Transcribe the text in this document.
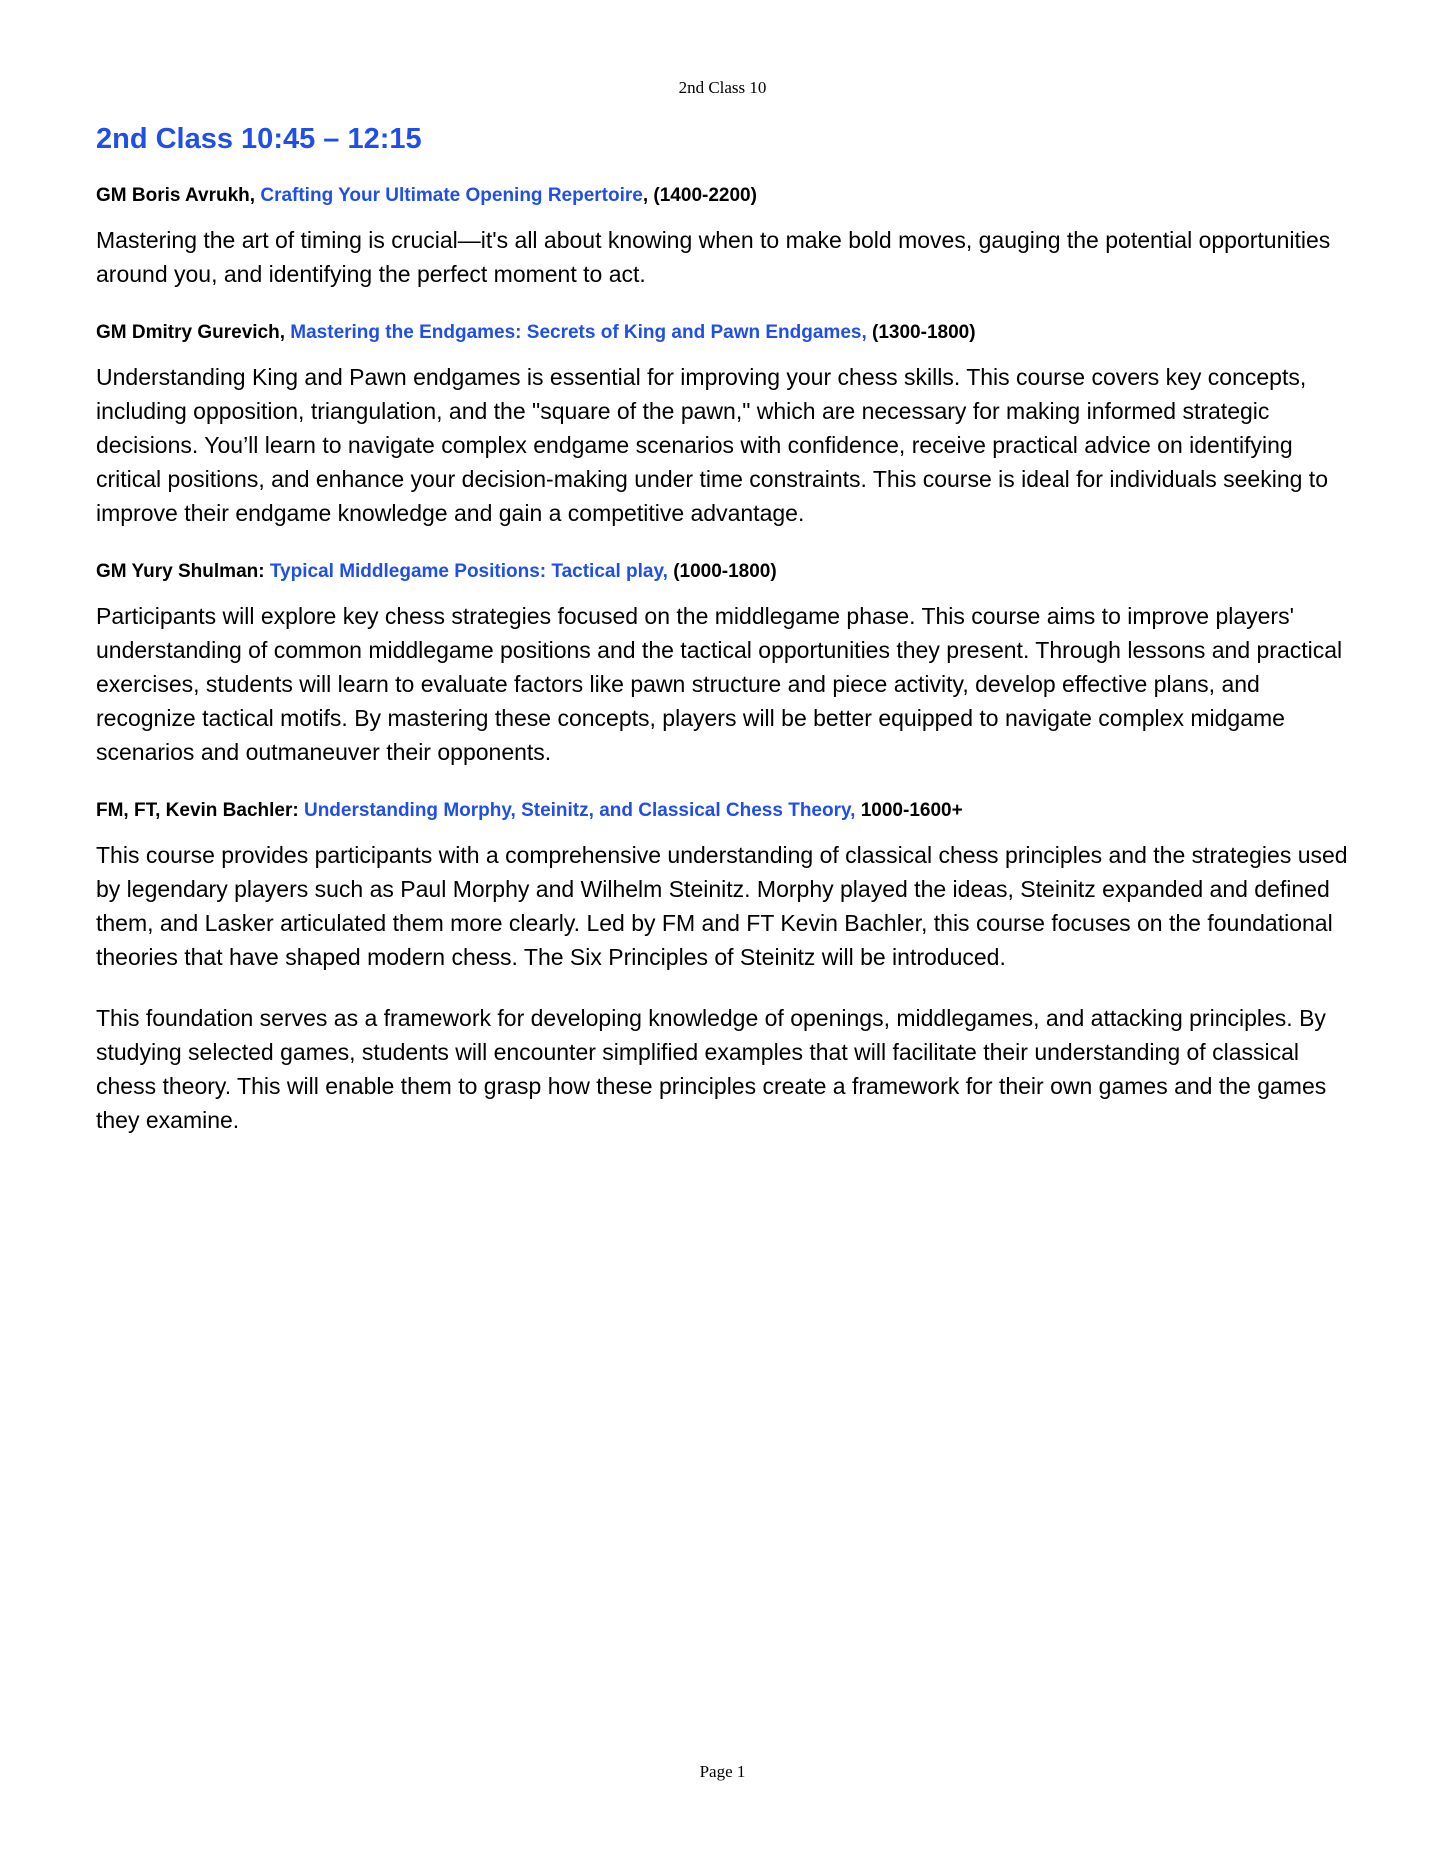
2nd Class 10
2nd Class 10:45 – 12:15
GM Boris Avrukh, Crafting Your Ultimate Opening Repertoire, (1400-2200)

Mastering the art of timing is crucial—it's all about knowing when to make bold moves, gauging the potential opportunities around you, and identifying the perfect moment to act.

GM Dmitry Gurevich, Mastering the Endgames: Secrets of King and Pawn Endgames, (1300-1800)

Understanding King and Pawn endgames is essential for improving your chess skills. This course covers key concepts, including opposition, triangulation, and the "square of the pawn," which are necessary for making informed strategic decisions. You’ll learn to navigate complex endgame scenarios with confidence, receive practical advice on identifying critical positions, and enhance your decision-making under time constraints. This course is ideal for individuals seeking to improve their endgame knowledge and gain a competitive advantage.

GM Yury Shulman: Typical Middlegame Positions: Tactical play, (1000-1800)

Participants will explore key chess strategies focused on the middlegame phase. This course aims to improve players' understanding of common middlegame positions and the tactical opportunities they present. Through lessons and practical exercises, students will learn to evaluate factors like pawn structure and piece activity, develop effective plans, and recognize tactical motifs. By mastering these concepts, players will be better equipped to navigate complex midgame scenarios and outmaneuver their opponents.

FM, FT, Kevin Bachler: Understanding Morphy, Steinitz, and Classical Chess Theory, 1000-1600+

This course provides participants with a comprehensive understanding of classical chess principles and the strategies used by legendary players such as Paul Morphy and Wilhelm Steinitz. Morphy played the ideas, Steinitz expanded and defined them, and Lasker articulated them more clearly. Led by FM and FT Kevin Bachler, this course focuses on the foundational theories that have shaped modern chess. The Six Principles of Steinitz will be introduced.

This foundation serves as a framework for developing knowledge of openings, middlegames, and attacking principles. By studying selected games, students will encounter simplified examples that will facilitate their understanding of classical chess theory. This will enable them to grasp how these principles create a framework for their own games and the games they examine.

Page 1
